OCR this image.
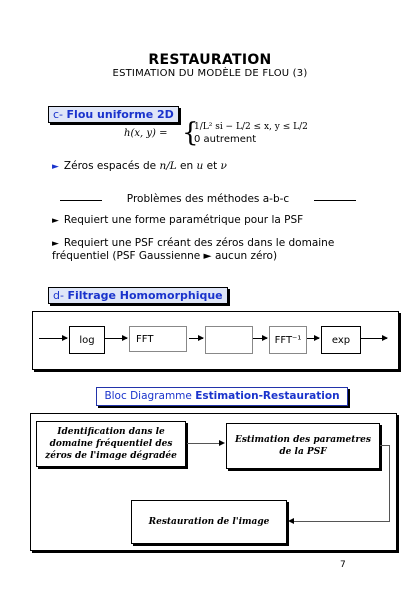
RESTAURATION
ESTIMATION DU MODÈLE DE FLOU (3)
c- Flou uniforme 2D
h(x, y) = {
1/L² si − L/2 ≤ x, y ≤ L/2
0 autrement
► Zéros espacés de n/L en u et ν
Problèmes des méthodes a-b-c
► Requiert une forme paramétrique pour la PSF
► Requiert une PSF créant des zéros dans le domaine
fréquentiel (PSF Gaussienne ► aucun zéro)
d- Filtrage Homomorphique
log	FFT	FFT⁻¹	exp
Bloc Diagramme Estimation-Restauration
Identification dans le
domaine fréquentiel des
zéros de l'image dégradée
Estimation des parametres
de la PSF
Restauration de l'image
7
